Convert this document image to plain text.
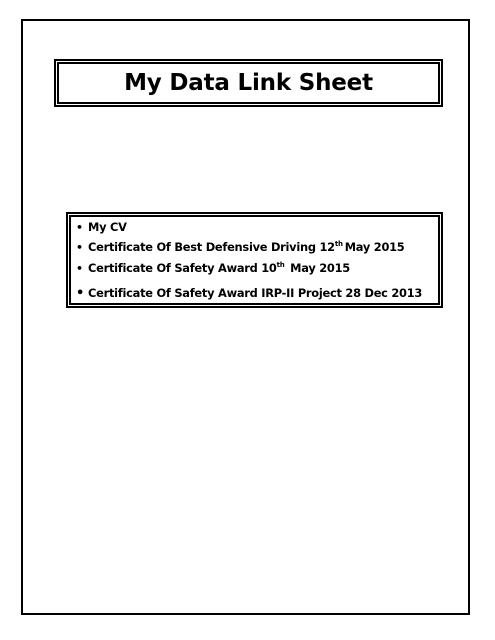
My Data Link Sheet
• My CV
• Certificate Of Best Defensive Driving 12 th May 2015
• Certificate Of Safety Award 10 th May 2015
• Certificate Of Safety Award IRP-II Project 28 Dec 2013
